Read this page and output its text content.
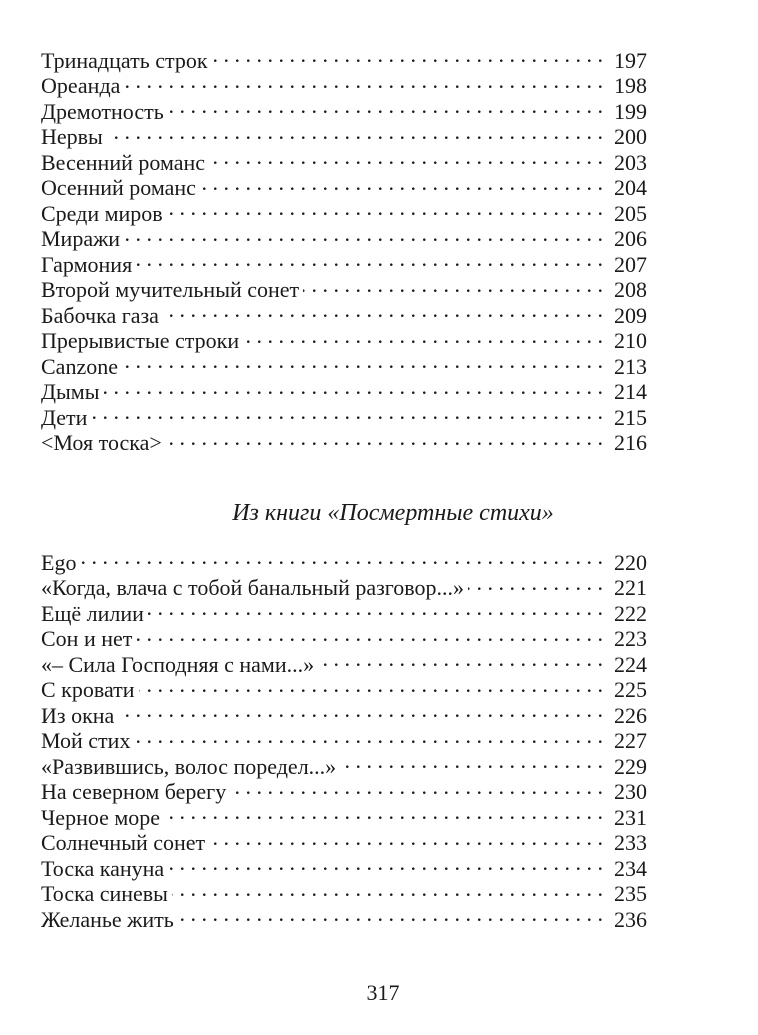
Тринадцать строк . . .	197
Ореанда . . .	198
Дремотность . . .	199
Нервы . . .	200
Весенний романс . . .	203
Осенний романс . . .	204
Среди миров . . .	205
Миражи . . .	206
Гармония . . .	207
Второй мучительный сонет . . .	208
Бабочка газа . . .	209
Прерывистые строки . . .	210
Canzone . . .	213
Дымы . . .	214
Дети . . .	215
<Моя тоска> . . .	216
Из книги «Посмертные стихи»
Ego . . .	220
«Когда, влача с тобой банальный разговор...» . . .	221
Ещё лилии . . .	222
Сон и нет . . .	223
«– Сила Господняя с нами...» . . .	224
С кровати . . .	225
Из окна . . .	226
Мой стих . . .	227
«Развившись, волос поредел...» . . .	229
На северном берегу . . .	230
Черное море . . .	231
Солнечный сонет . . .	233
Тоска кануна . . .	234
Тоска синевы . . .	235
Желанье жить . . .	236
317
